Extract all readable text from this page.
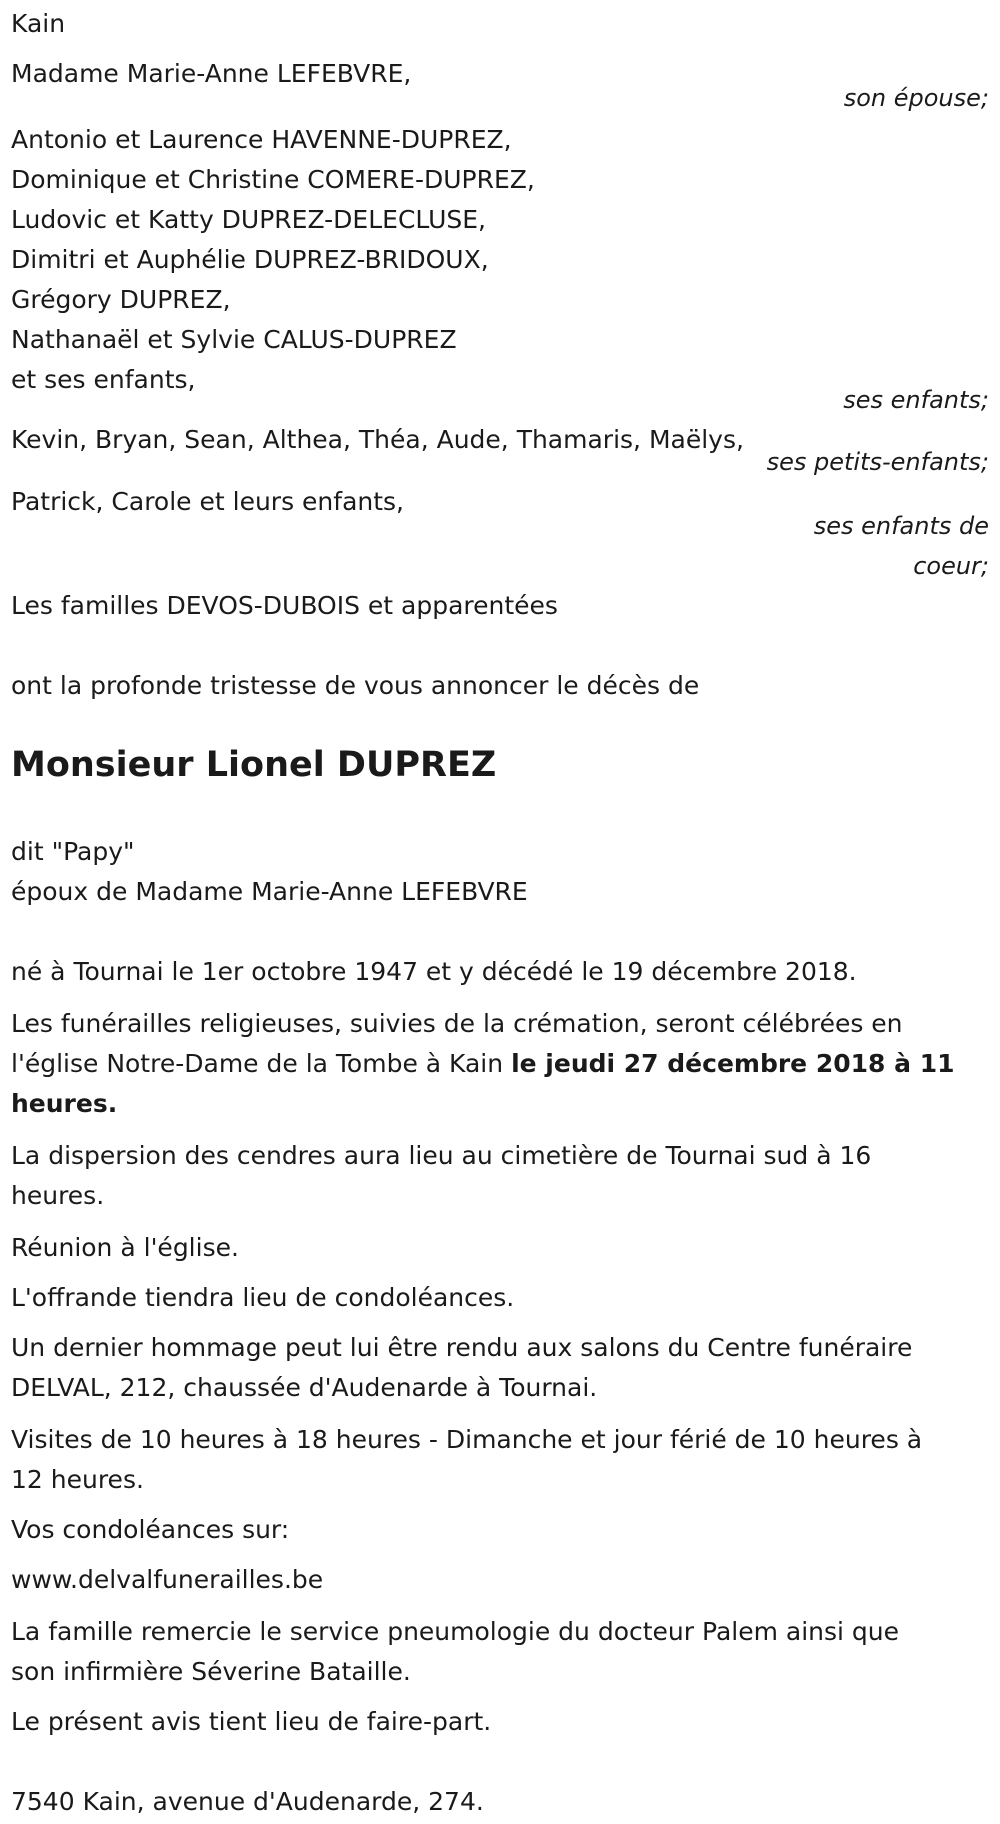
Kain

Madame Marie-Anne LEFEBVRE,

son épouse;

Antonio et Laurence HAVENNE-DUPREZ,

Dominique et Christine COMERE-DUPREZ,

Ludovic et Katty DUPREZ-DELECLUSE,

Dimitri et Auphélie DUPREZ-BRIDOUX,

Grégory DUPREZ,

Nathanaël et Sylvie CALUS-DUPREZ

et ses enfants,

ses enfants;

Kevin, Bryan, Sean, Althea, Théa, Aude, Thamaris, Maëlys,

ses petits-enfants;

Patrick, Carole et leurs enfants,

ses enfants de

coeur;

Les familles DEVOS-DUBOIS et apparentées

ont la profonde tristesse de vous annoncer le décès de

Monsieur Lionel DUPREZ

dit "Papy"

époux de Madame Marie-Anne LEFEBVRE

né à Tournai le 1er octobre 1947 et y décédé le 19 décembre 2018.

Les funérailles religieuses, suivies de la crémation, seront célébrées en

l'église Notre-Dame de la Tombe à Kain le jeudi 27 décembre 2018 à 11

heures.

La dispersion des cendres aura lieu au cimetière de Tournai sud à 16

heures.

Réunion à l'église.

L'offrande tiendra lieu de condoléances.

Un dernier hommage peut lui être rendu aux salons du Centre funéraire

DELVAL, 212, chaussée d'Audenarde à Tournai.

Visites de 10 heures à 18 heures - Dimanche et jour férié de 10 heures à

12 heures.

Vos condoléances sur:

www.delvalfunerailles.be

La famille remercie le service pneumologie du docteur Palem ainsi que

son infirmière Séverine Bataille.

Le présent avis tient lieu de faire-part.

7540 Kain, avenue d'Audenarde, 274.
